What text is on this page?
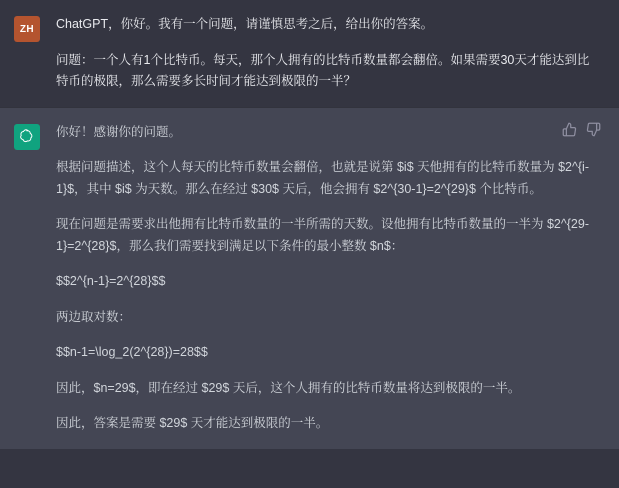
ZH	ChatGPT，你好。我有一个问题，请谨慎思考之后，给出你的答案。

问题：一个人有1个比特币。每天，那个人拥有的比特币数量都会翻倍。如果需要30天才能达到比特币的极限，那么需要多长时间才能达到极限的一半？

你好！感谢你的问题。

根据问题描述，这个人每天的比特币数量会翻倍，也就是说第 $i$ 天他拥有的比特币数量为 $2^{i-1}$，其中 $i$ 为天数。那么在经过 $30$ 天后，他会拥有 $2^{30-1}=2^{29}$ 个比特币。

现在问题是需要求出他拥有比特币数量的一半所需的天数。设他拥有比特币数量的一半为 $2^{29-1}=2^{28}$，那么我们需要找到满足以下条件的最小整数 $n$：

$$2^{n-1}=2^{28}$$

两边取对数：

$$n-1=\log_2(2^{28})=28$$

因此，$n=29$，即在经过 $29$ 天后，这个人拥有的比特币数量将达到极限的一半。

因此，答案是需要 $29$ 天才能达到极限的一半。
